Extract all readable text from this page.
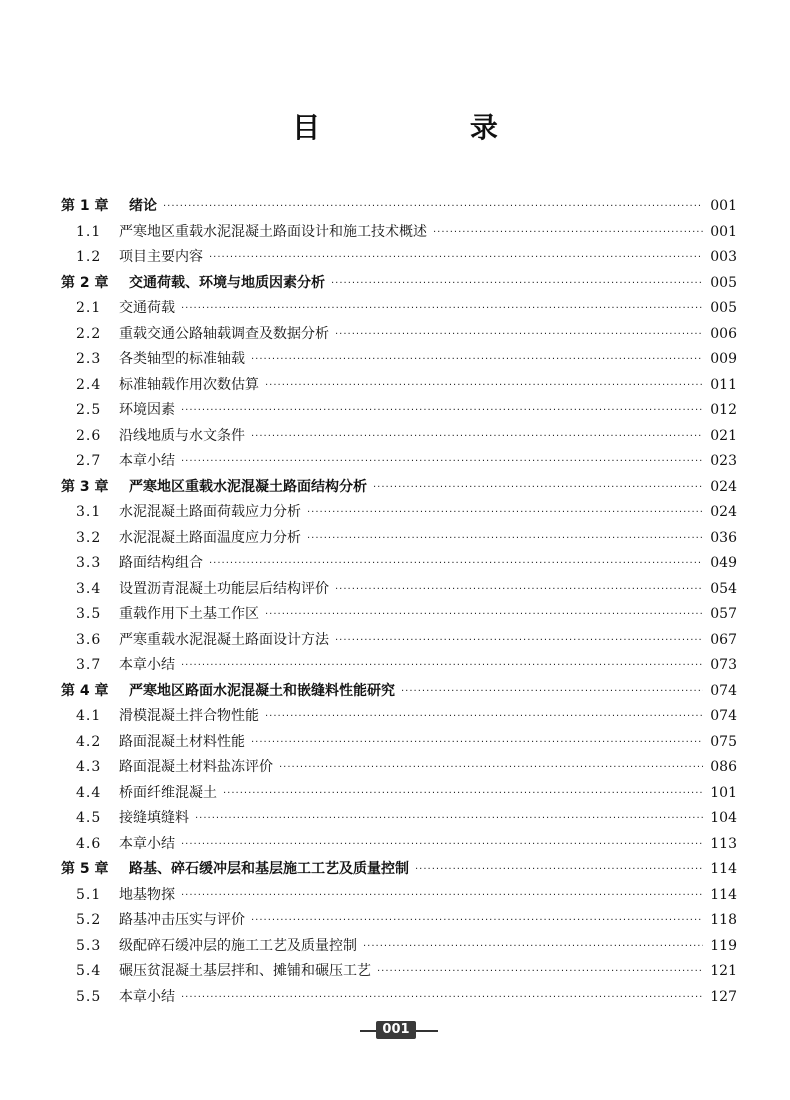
目 录
第 1 章	绪论 ·····	001
1.1	严寒地区重载水泥混凝土路面设计和施工技术概述 ·····	001
1.2	项目主要内容 ·····	003
第 2 章	交通荷载、环境与地质因素分析 ·····	005
2.1	交通荷载 ·····	005
2.2	重载交通公路轴载调查及数据分析 ·····	006
2.3	各类轴型的标准轴载 ·····	009
2.4	标准轴载作用次数估算 ·····	011
2.5	环境因素 ·····	012
2.6	沿线地质与水文条件 ·····	021
2.7	本章小结 ·····	023
第 3 章	严寒地区重载水泥混凝土路面结构分析 ·····	024
3.1	水泥混凝土路面荷载应力分析 ·····	024
3.2	水泥混凝土路面温度应力分析 ·····	036
3.3	路面结构组合 ·····	049
3.4	设置沥青混凝土功能层后结构评价 ·····	054
3.5	重载作用下土基工作区 ·····	057
3.6	严寒重载水泥混凝土路面设计方法 ·····	067
3.7	本章小结 ·····	073
第 4 章	严寒地区路面水泥混凝土和嵌缝料性能研究 ·····	074
4.1	滑模混凝土拌合物性能 ·····	074
4.2	路面混凝土材料性能 ·····	075
4.3	路面混凝土材料盐冻评价 ·····	086
4.4	桥面纤维混凝土 ·····	101
4.5	接缝填缝料 ·····	104
4.6	本章小结 ·····	113
第 5 章	路基、碎石缓冲层和基层施工工艺及质量控制 ·····	114
5.1	地基物探 ·····	114
5.2	路基冲击压实与评价 ·····	118
5.3	级配碎石缓冲层的施工工艺及质量控制 ·····	119
5.4	碾压贫混凝土基层拌和、摊铺和碾压工艺 ·····	121
5.5	本章小结 ·····	127
001
